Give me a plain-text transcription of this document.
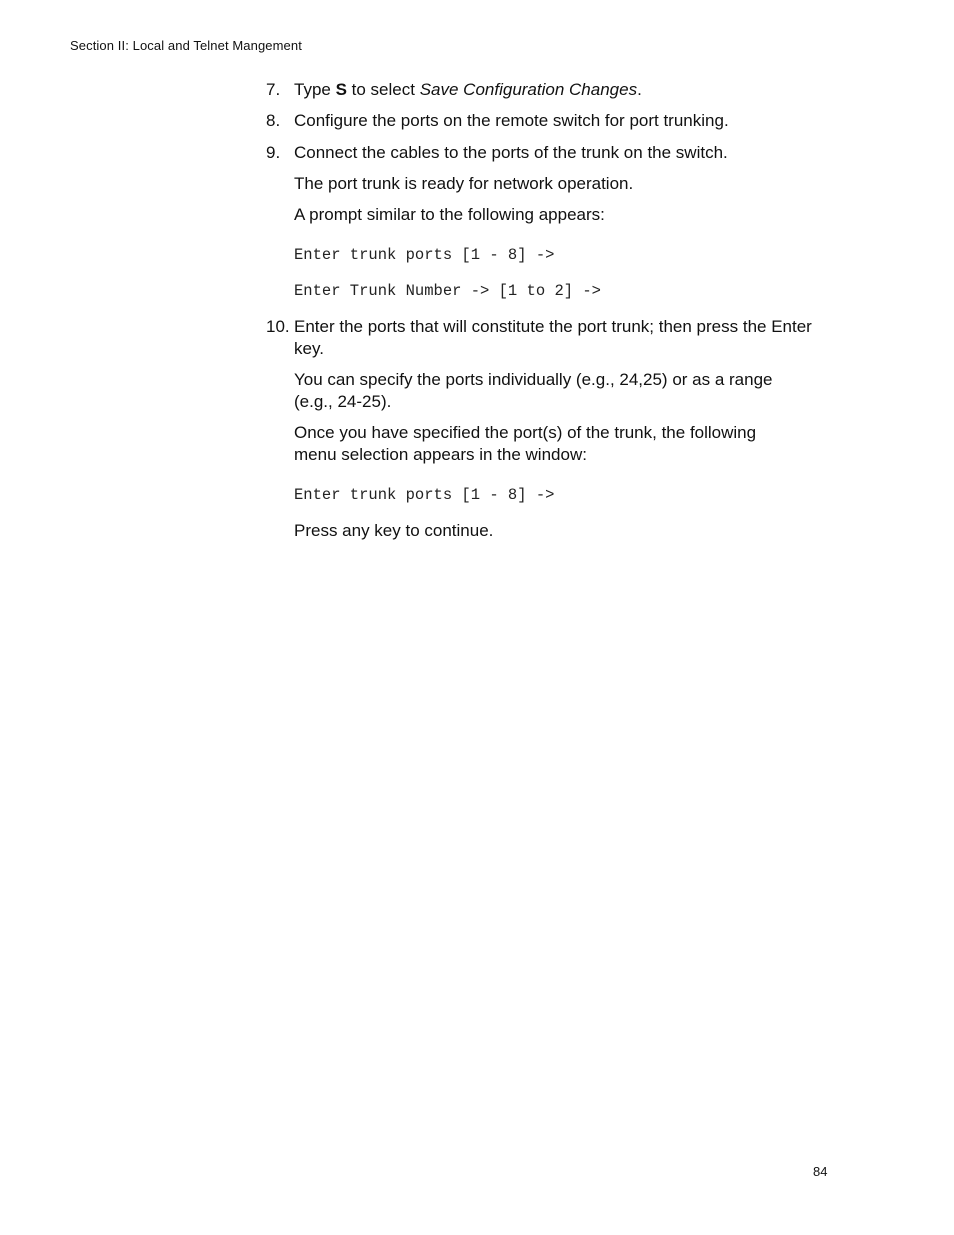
Section II: Local and Telnet Mangement
7. Type S to select Save Configuration Changes.
8. Configure the ports on the remote switch for port trunking.
9. Connect the cables to the ports of the trunk on the switch.
The port trunk is ready for network operation.
A prompt similar to the following appears:
Enter trunk ports [1 - 8] ->
Enter Trunk Number -> [1 to 2] ->
10. Enter the ports that will constitute the port trunk; then press the Enter
key.
You can specify the ports individually (e.g., 24,25) or as a range
(e.g., 24-25).
Once you have specified the port(s) of the trunk, the following
menu selection appears in the window:
Enter trunk ports [1 - 8] ->
Press any key to continue.
84
